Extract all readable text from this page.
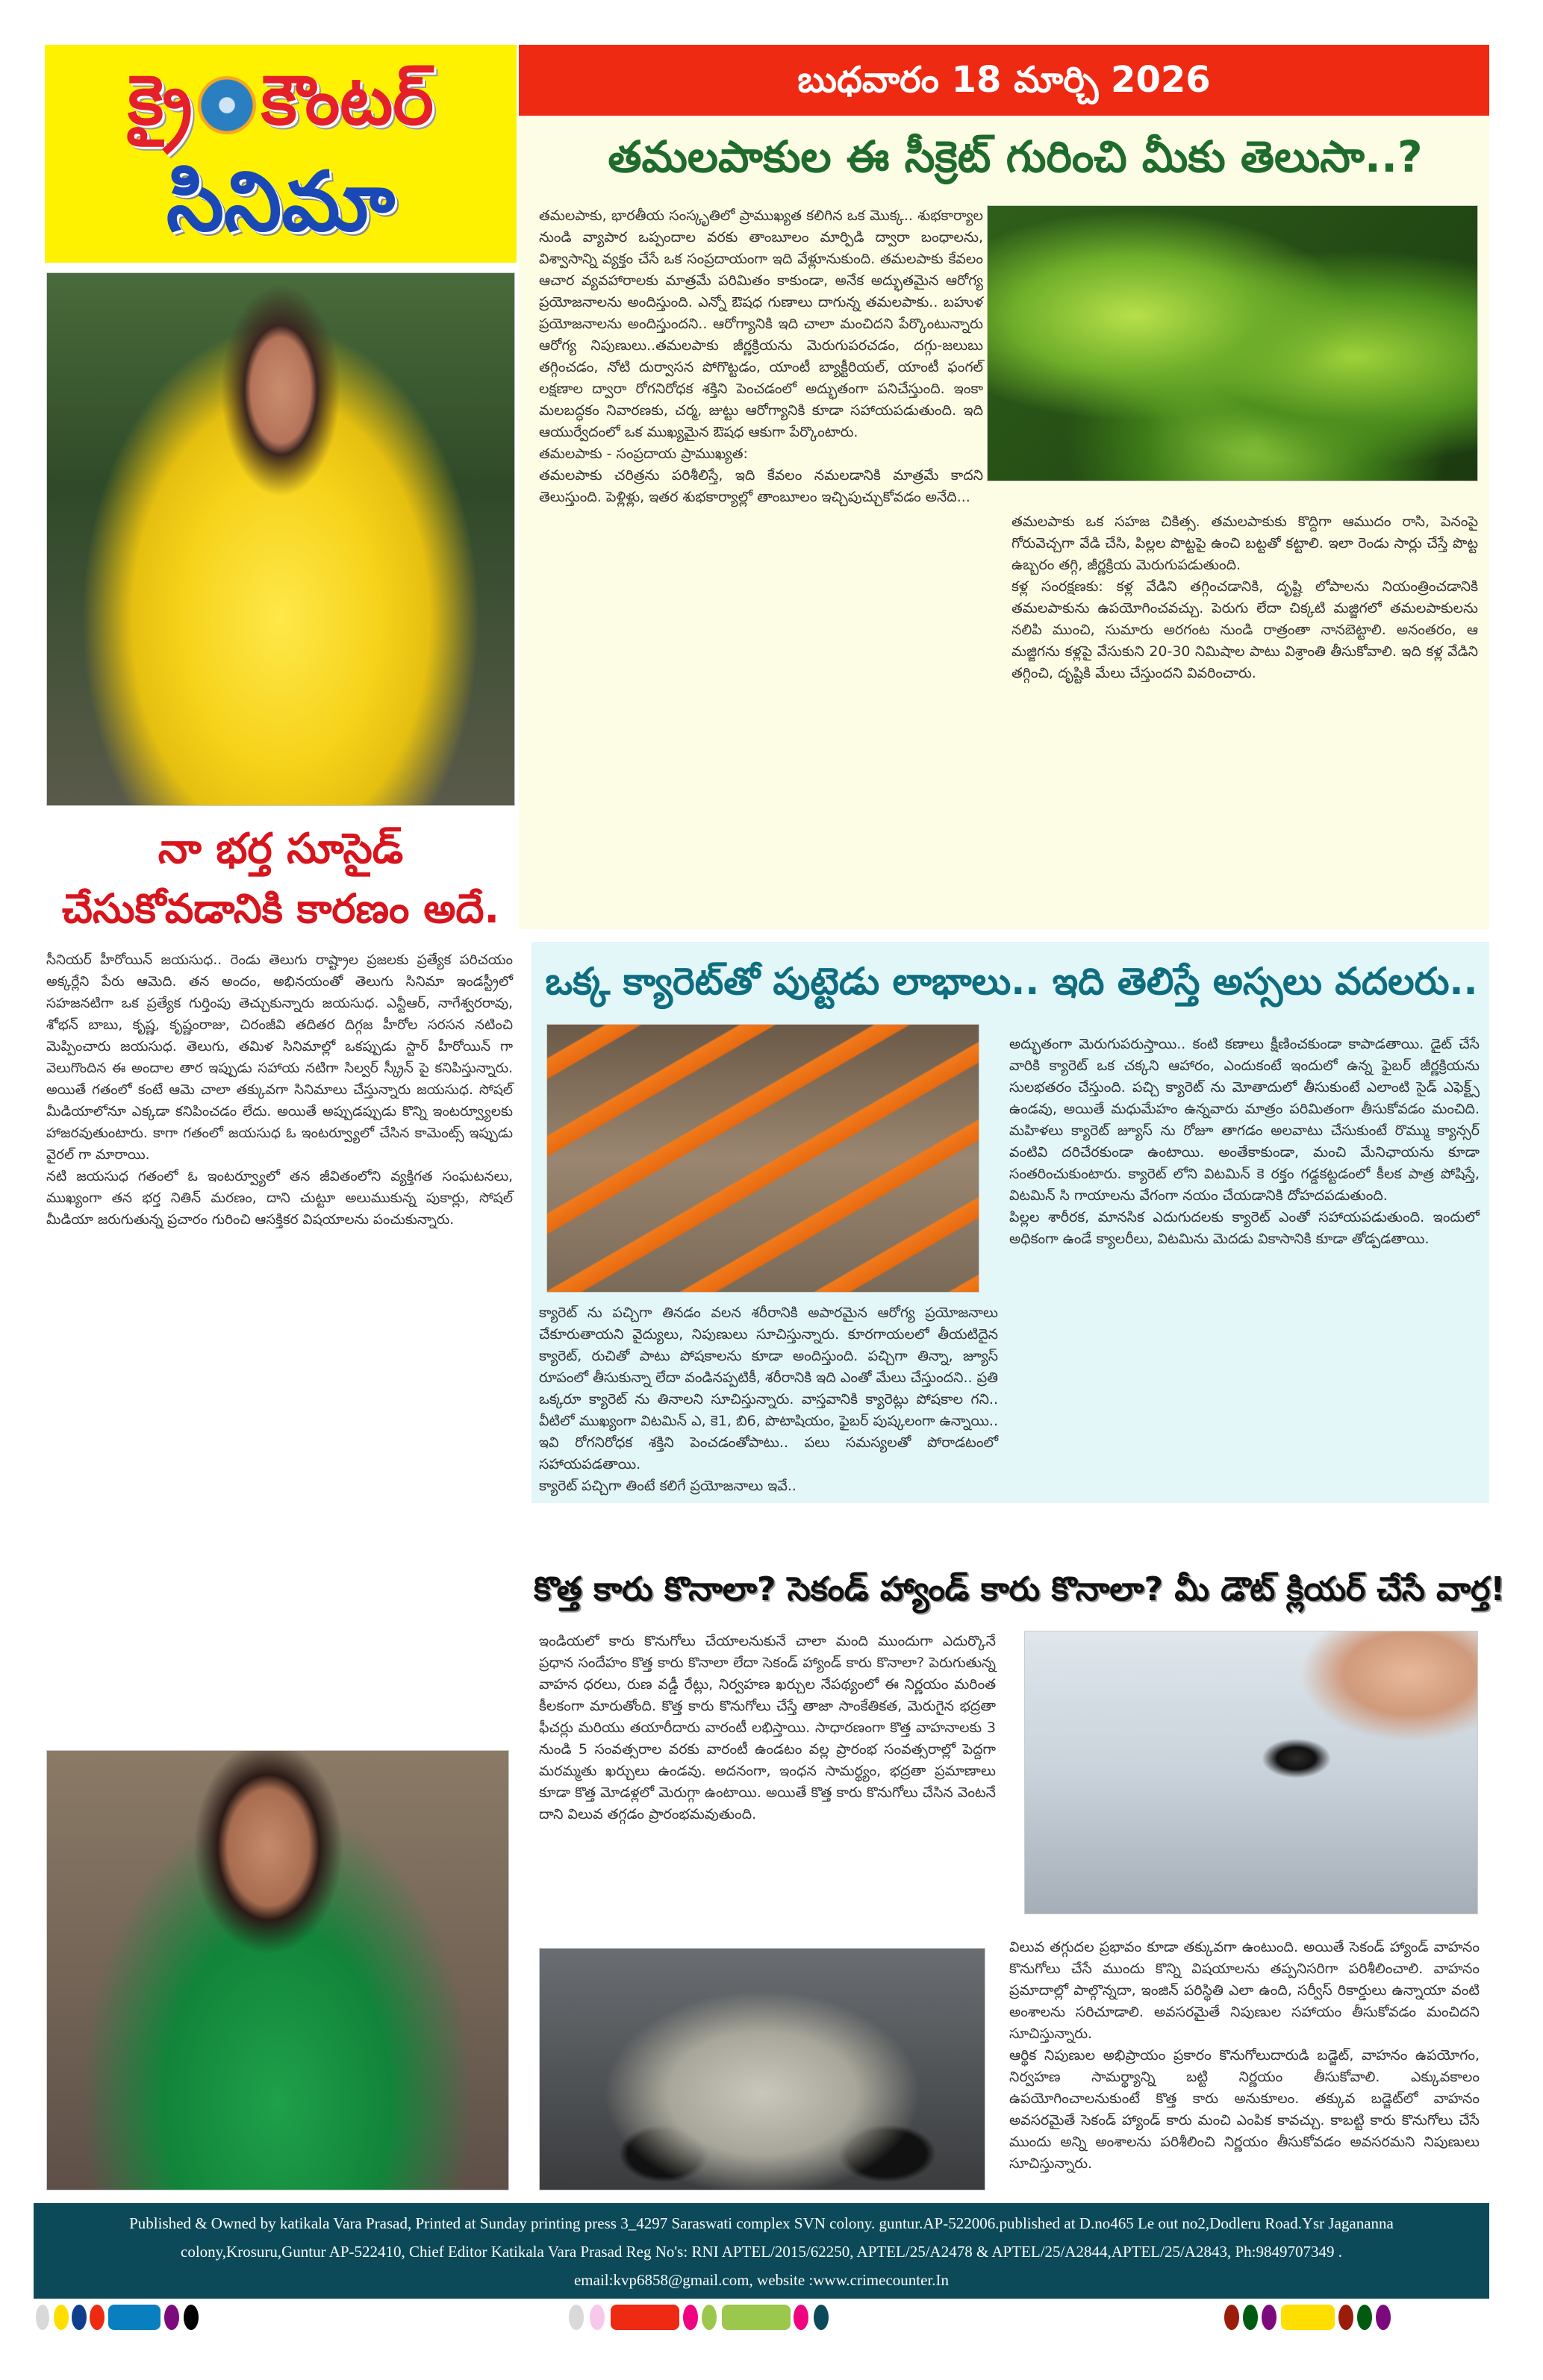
క్రై కౌంటర్
సినిమా
బుధవారం 18 మార్చి 2026
తమలపాకుల ఈ సీక్రెట్ గురించి మీకు తెలుసా..?

తమలపాకు, భారతీయ సంస్కృతిలో ప్రాముఖ్యత కలిగిన ఒక మొక్క.. శుభకార్యాల నుండి వ్యాపార ఒప్పందాల వరకు తాంబూలం మార్పిడి ద్వారా బంధాలను, విశ్వాసాన్ని వ్యక్తం చేసే ఒక సంప్రదాయంగా ఇది వేళ్లూనుకుంది. తమలపాకు కేవలం ఆచార వ్యవహారాలకు మాత్రమే పరిమితం కాకుండా, అనేక అద్భుతమైన ఆరోగ్య ప్రయోజనాలను అందిస్తుంది. ఎన్నో ఔషధ గుణాలు దాగున్న తమలపాకు.. బహుళ ప్రయోజనాలను అందిస్తుందని.. ఆరోగ్యానికి ఇది చాలా మంచిదని పేర్కొంటున్నారు ఆరోగ్య నిపుణులు..తమలపాకు జీర్ణక్రియను మెరుగుపరచడం, దగ్గు-జలుబు తగ్గించడం, నోటి దుర్వాసన పోగొట్టడం, యాంటీ బ్యాక్టీరియల్, యాంటీ ఫంగల్ లక్షణాల ద్వారా రోగనిరోధక శక్తిని పెంచడంలో అద్భుతంగా పనిచేస్తుంది. ఇంకా మలబద్ధకం నివారణకు, చర్మ, జుట్టు ఆరోగ్యానికి కూడా సహాయపడుతుంది. ఇది ఆయుర్వేదంలో ఒక ముఖ్యమైన ఔషధ ఆకుగా పేర్కొంటారు.

తమలపాకు - సంప్రదాయ ప్రాముఖ్యత:

తమలపాకు చరిత్రను పరిశీలిస్తే, ఇది కేవలం నమలడానికి మాత్రమే కాదని తెలుస్తుంది. పెళ్లిళ్లు, ఇతర శుభకార్యాల్లో తాంబూలం ఇచ్చిపుచ్చుకోవడం అనేది...

తమలపాకు ఒక సహజ చికిత్స. తమలపాకుకు కొద్దిగా ఆముదం రాసి, పెనంపై గోరువెచ్చగా వేడి చేసి, పిల్లల పొట్టపై ఉంచి బట్టతో కట్టాలి. ఇలా రెండు సార్లు చేస్తే పొట్ట ఉబ్బరం తగ్గి, జీర్ణక్రియ మెరుగుపడుతుంది.

కళ్ల సంరక్షణకు: కళ్ల వేడిని తగ్గించడానికి, దృష్టి లోపాలను నియంత్రించడానికి తమలపాకును ఉపయోగించవచ్చు. పెరుగు లేదా చిక్కటి మజ్జిగలో తమలపాకులను నలిపి ముంచి, సుమారు అరగంట నుండి రాత్రంతా నానబెట్టాలి. అనంతరం, ఆ మజ్జిగను కళ్లపై వేసుకుని 20-30 నిమిషాల పాటు విశ్రాంతి తీసుకోవాలి. ఇది కళ్ల వేడిని తగ్గించి, దృష్టికి మేలు చేస్తుందని వివరించారు.

నా భర్త సూసైడ్
చేసుకోవడానికి కారణం అదే.

సీనియర్ హీరోయిన్ జయసుధ.. రెండు తెలుగు రాష్ట్రాల ప్రజలకు ప్రత్యేక పరిచయం అక్కర్లేని పేరు ఆమెది. తన అందం, అభినయంతో తెలుగు సినిమా ఇండస్ట్రీలో సహజనటిగా ఒక ప్రత్యేక గుర్తింపు తెచ్చుకున్నారు జయసుధ. ఎన్టీఆర్, నాగేశ్వరరావు, శోభన్ బాబు, కృష్ణ, కృష్ణంరాజు, చిరంజీవి తదితర దిగ్గజ హీరోల సరసన నటించి మెప్పించారు జయసుధ. తెలుగు, తమిళ సినిమాల్లో ఒకప్పుడు స్టార్ హీరోయిన్ గా వెలుగొందిన ఈ అందాల తార ఇప్పుడు సహాయ నటిగా సిల్వర్ స్క్రీన్ పై కనిపిస్తున్నారు. అయితే గతంలో కంటే ఆమె చాలా తక్కువగా సినిమాలు చేస్తున్నారు జయసుధ. సోషల్ మీడియాలోనూ ఎక్కడా కనిపించడం లేదు. అయితే అప్పుడప్పుడు కొన్ని ఇంటర్వ్యూలకు హాజరవుతుంటారు. కాగా గతంలో జయసుధ ఓ ఇంటర్వ్యూలో చేసిన కామెంట్స్ ఇప్పుడు వైరల్ గా మారాయి.

నటి జయసుధ గతంలో ఓ ఇంటర్వ్యూలో తన జీవితంలోని వ్యక్తిగత సంఘటనలు, ముఖ్యంగా తన భర్త నితిన్ మరణం, దాని చుట్టూ అలుముకున్న పుకార్లు, సోషల్ మీడియా జరుగుతున్న ప్రచారం గురించి ఆసక్తికర విషయాలను పంచుకున్నారు.

ఒక్క క్యారెట్‌తో పుట్టెడు లాభాలు.. ఇది తెలిస్తే అస్సలు వదలరు..

క్యారెట్ ను పచ్చిగా తినడం వలన శరీరానికి అపారమైన ఆరోగ్య ప్రయోజనాలు చేకూరుతాయని వైద్యులు, నిపుణులు సూచిస్తున్నారు. కూరగాయలలో తీయటిదైన క్యారెట్, రుచితో పాటు పోషకాలను కూడా అందిస్తుంది. పచ్చిగా తిన్నా, జ్యూస్ రూపంలో తీసుకున్నా లేదా వండినప్పటికీ, శరీరానికి ఇది ఎంతో మేలు చేస్తుందని.. ప్రతి ఒక్కరూ క్యారెట్ ను తినాలని సూచిస్తున్నారు. వాస్తవానికి క్యారెట్లు పోషకాల గని.. వీటిలో ముఖ్యంగా విటమిన్ ఎ, కె1, బి6, పొటాషియం, ఫైబర్ పుష్కలంగా ఉన్నాయి.. ఇవి రోగనిరోధక శక్తిని పెంచడంతోపాటు.. పలు సమస్యలతో పోరాడటంలో సహాయపడతాయి.

క్యారెట్ పచ్చిగా తింటే కలిగే ప్రయోజనాలు ఇవే..

అద్భుతంగా మెరుగుపరుస్తాయి.. కంటి కణాలు క్షీణించకుండా కాపాడతాయి. డైట్ చేసే వారికి క్యారెట్ ఒక చక్కని ఆహారం, ఎందుకంటే ఇందులో ఉన్న ఫైబర్ జీర్ణక్రియను సులభతరం చేస్తుంది. పచ్చి క్యారెట్ ను మోతాదులో తీసుకుంటే ఎలాంటి సైడ్ ఎఫెక్ట్స్ ఉండవు, అయితే మధుమేహం ఉన్నవారు మాత్రం పరిమితంగా తీసుకోవడం మంచిది. మహిళలు క్యారెట్ జ్యూస్ ను రోజూ తాగడం అలవాటు చేసుకుంటే రొమ్ము క్యాన్సర్ వంటివి దరిచేరకుండా ఉంటాయి. అంతేకాకుండా, మంచి మేనిఛాయను కూడా సంతరించుకుంటారు. క్యారెట్ లోని విటమిన్ కె రక్తం గడ్డకట్టడంలో కీలక పాత్ర పోషిస్తే, విటమిన్ సి గాయాలను వేగంగా నయం చేయడానికి దోహదపడుతుంది.

పిల్లల శారీరక, మానసిక ఎదుగుదలకు క్యారెట్ ఎంతో సహాయపడుతుంది. ఇందులో అధికంగా ఉండే క్యాలరీలు, విటమిను మెదడు వికాసానికి కూడా తోడ్పడతాయి.

కొత్త కారు కొనాలా? సెకండ్ హ్యాండ్ కారు కొనాలా? మీ డౌట్ క్లియర్ చేసే వార్త!

ఇండియలో కారు కొనుగోలు చేయాలనుకునే చాలా మంది ముందుగా ఎదుర్కొనే ప్రధాన సందేహం కొత్త కారు కొనాలా లేదా సెకండ్ హ్యాండ్ కారు కొనాలా? పెరుగుతున్న వాహన ధరలు, రుణ వడ్డీ రేట్లు, నిర్వహణ ఖర్చుల నేపథ్యంలో ఈ నిర్ణయం మరింత కీలకంగా మారుతోంది. కొత్త కారు కొనుగోలు చేస్తే తాజా సాంకేతికత, మెరుగైన భద్రతా ఫీచర్లు మరియు తయారీదారు వారంటీ లభిస్తాయి. సాధారణంగా కొత్త వాహనాలకు 3 నుండి 5 సంవత్సరాల వరకు వారంటీ ఉండటం వల్ల ప్రారంభ సంవత్సరాల్లో పెద్దగా మరమ్మతు ఖర్చులు ఉండవు. అదనంగా, ఇంధన సామర్థ్యం, భద్రతా ప్రమాణాలు కూడా కొత్త మోడళ్లలో మెరుగ్గా ఉంటాయి. అయితే కొత్త కారు కొనుగోలు చేసిన వెంటనే దాని విలువ తగ్గడం ప్రారంభమవుతుంది.

విలువ తగ్గుదల ప్రభావం కూడా తక్కువగా ఉంటుంది. అయితే సెకండ్ హ్యాండ్ వాహనం కొనుగోలు చేసే ముందు కొన్ని విషయాలను తప్పనిసరిగా పరిశీలించాలి. వాహనం ప్రమాదాల్లో పాల్గొన్నదా, ఇంజిన్ పరిస్థితి ఎలా ఉంది, సర్వీస్ రికార్డులు ఉన్నాయా వంటి అంశాలను సరిచూడాలి. అవసరమైతే నిపుణుల సహాయం తీసుకోవడం మంచిదని సూచిస్తున్నారు.

ఆర్థిక నిపుణుల అభిప్రాయం ప్రకారం కొనుగోలుదారుడి బడ్జెట్, వాహనం ఉపయోగం, నిర్వహణ సామర్థ్యాన్ని బట్టి నిర్ణయం తీసుకోవాలి. ఎక్కువకాలం ఉపయోగించాలనుకుంటే కొత్త కారు అనుకూలం. తక్కువ బడ్జెట్‌లో వాహనం అవసరమైతే సెకండ్ హ్యాండ్ కారు మంచి ఎంపిక కావచ్చు. కాబట్టి కారు కొనుగోలు చేసే ముందు అన్ని అంశాలను పరిశీలించి నిర్ణయం తీసుకోవడం అవసరమని నిపుణులు సూచిస్తున్నారు.

Published & Owned by katikala Vara Prasad, Printed at Sunday printing press 3_4297 Saraswati complex SVN colony. guntur.AP-522006.published at D.no465 Le out no2,Dodleru Road.Ysr Jagananna
colony,Krosuru,Guntur AP-522410, Chief Editor Katikala Vara Prasad Reg No's: RNI APTEL/2015/62250, APTEL/25/A2478 & APTEL/25/A2844,APTEL/25/A2843, Ph:9849707349 .
email:kvp6858@gmail.com, website :www.crimecounter.In
